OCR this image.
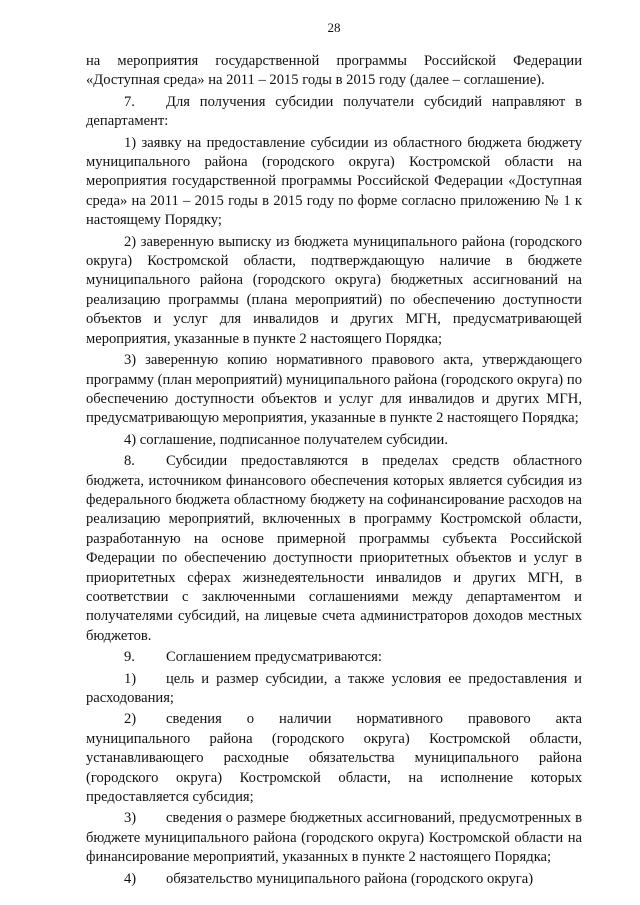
28

на мероприятия государственной программы Российской Федерации «Доступная среда» на 2011 – 2015 годы в 2015 году (далее – соглашение).

7. Для получения субсидии получатели субсидий направляют в департамент:

1) заявку на предоставление субсидии из областного бюджета бюджету муниципального района (городского округа) Костромской области на мероприятия государственной программы Российской Федерации «Доступная среда» на 2011 – 2015 годы в 2015 году по форме согласно приложению № 1 к настоящему Порядку;

2) заверенную выписку из бюджета муниципального района (городского округа) Костромской области, подтверждающую наличие в бюджете муниципального района (городского округа) бюджетных ассигнований на реализацию программы (плана мероприятий) по обеспечению доступности объектов и услуг для инвалидов и других МГН, предусматривающей мероприятия, указанные в пункте 2 настоящего Порядка;

3) заверенную копию нормативного правового акта, утверждающего программу (план мероприятий) муниципального района (городского округа) по обеспечению доступности объектов и услуг для инвалидов и других МГН, предусматривающую мероприятия, указанные в пункте 2 настоящего Порядка;

4) соглашение, подписанное получателем субсидии.

8. Субсидии предоставляются в пределах средств областного бюджета, источником финансового обеспечения которых является субсидия из федерального бюджета областному бюджету на софинансирование расходов на реализацию мероприятий, включенных в программу Костромской области, разработанную на основе примерной программы субъекта Российской Федерации по обеспечению доступности приоритетных объектов и услуг в приоритетных сферах жизнедеятельности инвалидов и других МГН, в соответствии с заключенными соглашениями между департаментом и получателями субсидий, на лицевые счета администраторов доходов местных бюджетов.

9. Соглашением предусматриваются:

1) цель и размер субсидии, а также условия ее предоставления и расходования;

2) сведения о наличии нормативного правового акта муниципального района (городского округа) Костромской области, устанавливающего расходные обязательства муниципального района (городского округа) Костромской области, на исполнение которых предоставляется субсидия;

3) сведения о размере бюджетных ассигнований, предусмотренных в бюджете муниципального района (городского округа) Костромской области на финансирование мероприятий, указанных в пункте 2 настоящего Порядка;

4) обязательство муниципального района (городского округа)
